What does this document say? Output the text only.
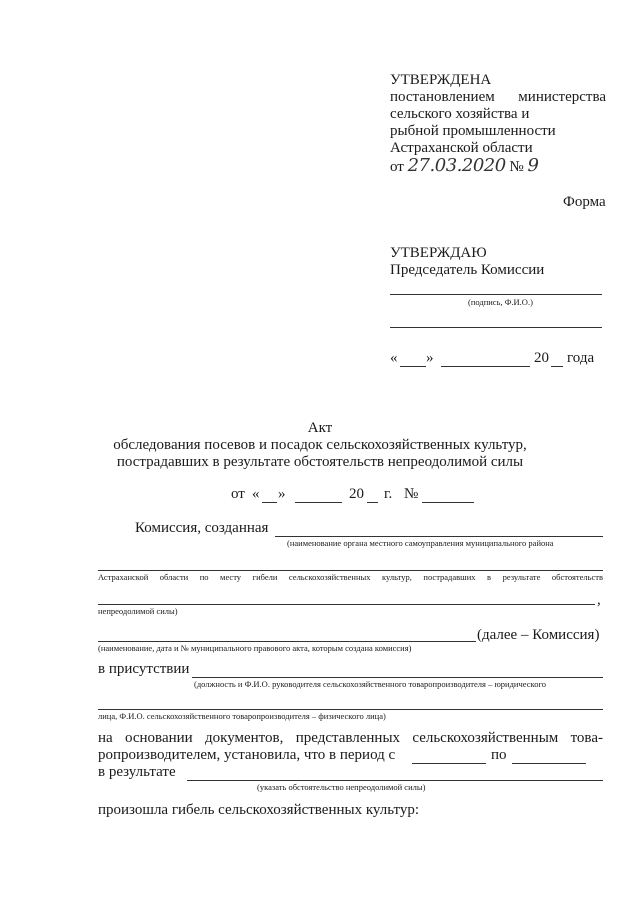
УТВЕРЖДЕНА
постановлением министерства
сельского хозяйства и
рыбной промышленности
Астраханской области
от 27.03.2020 № 9
Форма
УТВЕРЖДАЮ
Председатель Комиссии
(подпись, Ф.И.О.)
« »	20 года
Акт
обследования посевов и посадок сельскохозяйственных культур,
пострадавших в результате обстоятельств непреодолимой силы
от « »	20 г. №
Комиссия, созданная
(наименование органа местного самоуправления муниципального района
Астраханской области по месту гибели сельскохозяйственных культур, пострадавших в результате обстоятельств
,
непреодолимой силы)
(далее – Комиссия)
(наименование, дата и № муниципального правового акта, которым создана комиссия)
в присутствии
(должность и Ф.И.О. руководителя сельскохозяйственного товаропроизводителя – юридического
лица, Ф.И.О. сельскохозяйственного товаропроизводителя – физического лица)
на основании документов, представленных сельскохозяйственным това-
ропроизводителем, установила, что в период с	по
в результате
(указать обстоятельство непреодолимой силы)
произошла гибель сельскохозяйственных культур:
